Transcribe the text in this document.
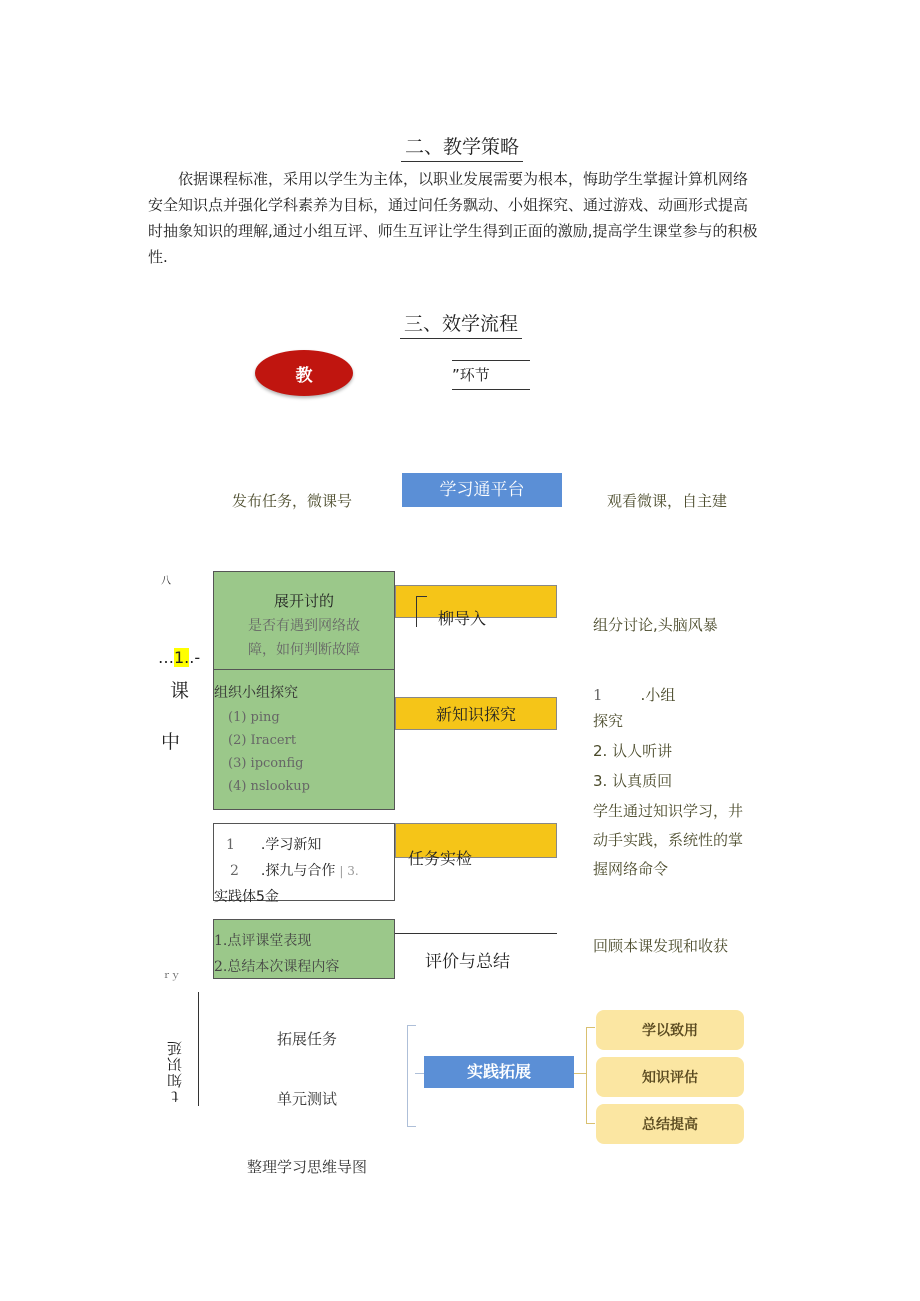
二、教学策略
依据课程标准，采用以学生为主体，以职业发展需要为根本，悔助学生掌握计算机网络
安全知识点并强化学科素养为目标，通过问任务飘动、小姐探究、通过游戏、动画形式提高
时抽象知识的理解,通过小组互评、师生互评让学生得到正面的激励,提高学生课堂参与的积极
性.
三、效学流程
教	”环节
发布任务，微课号
学习通平台
观看微课，自主建
八
…1..-
课
中
展开讨的
是否有遇到网络故
障，如何判断故障
组织小组探究
(1) ping
(2) Iracert
(3) ipconfig
(4) nslookup
1 .学习新知
2 .探九与合作 | 3.
实践体5金
1.点评课堂表现
2.总结本次课程内容
柳导入
新知识探究
任务实检
评价与总结
组分讨论,头脑风暴
1	.小组
探究
2. 认人听讲
3. 认真质回
学生通过知识学习，井
动手实践，系统性的掌
握网络命令
回顾本课发现和收获
ｒｙ
ｔ知识延
拓展任务
单元测试
实践拓展
学以致用
知识评估
总结提高
整理学习思维导图
